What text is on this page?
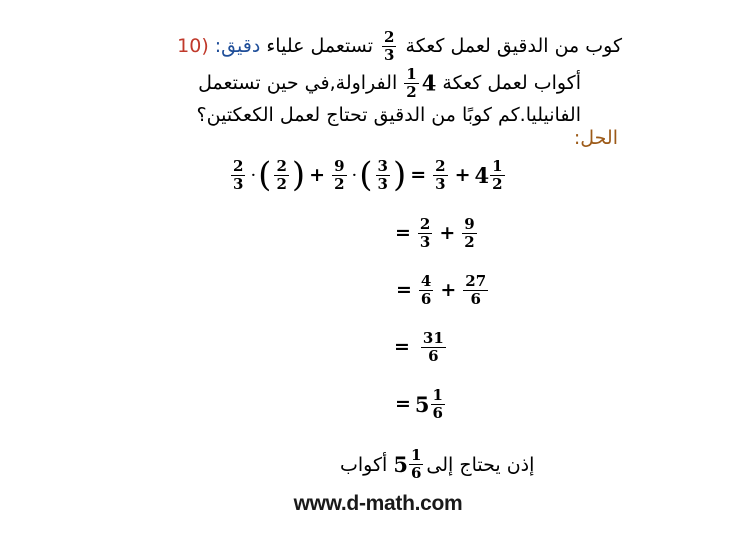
كوب من الدقيق لعمل كعكة
$\frac{2}{3}$
تستعمل علياء دقيق: (10
أكواب لعمل كعكة 4
$\frac{1}{2}$
الفراولة,في حين تستعمل
الفانيليا.كم كوبًا من الدقيق تحتاج لعمل الكعكتين؟
الحل:
$\frac{2}{3}$ · ( $\frac{2}{2}$ ) + $\frac{9}{2}$ · ( $\frac{3}{3}$ ) = $\frac{2}{3} + 4 \frac{1}{2}$
= $\frac{2}{3} + \frac{9}{2}$
= $\frac{4}{6} + \frac{27}{6}$
= $\frac{31}{6}$
= $5 \frac{1}{6}$
أكواب $5 \frac{1}{6}$ إذن يحتاج إلى
www.d-math.com
